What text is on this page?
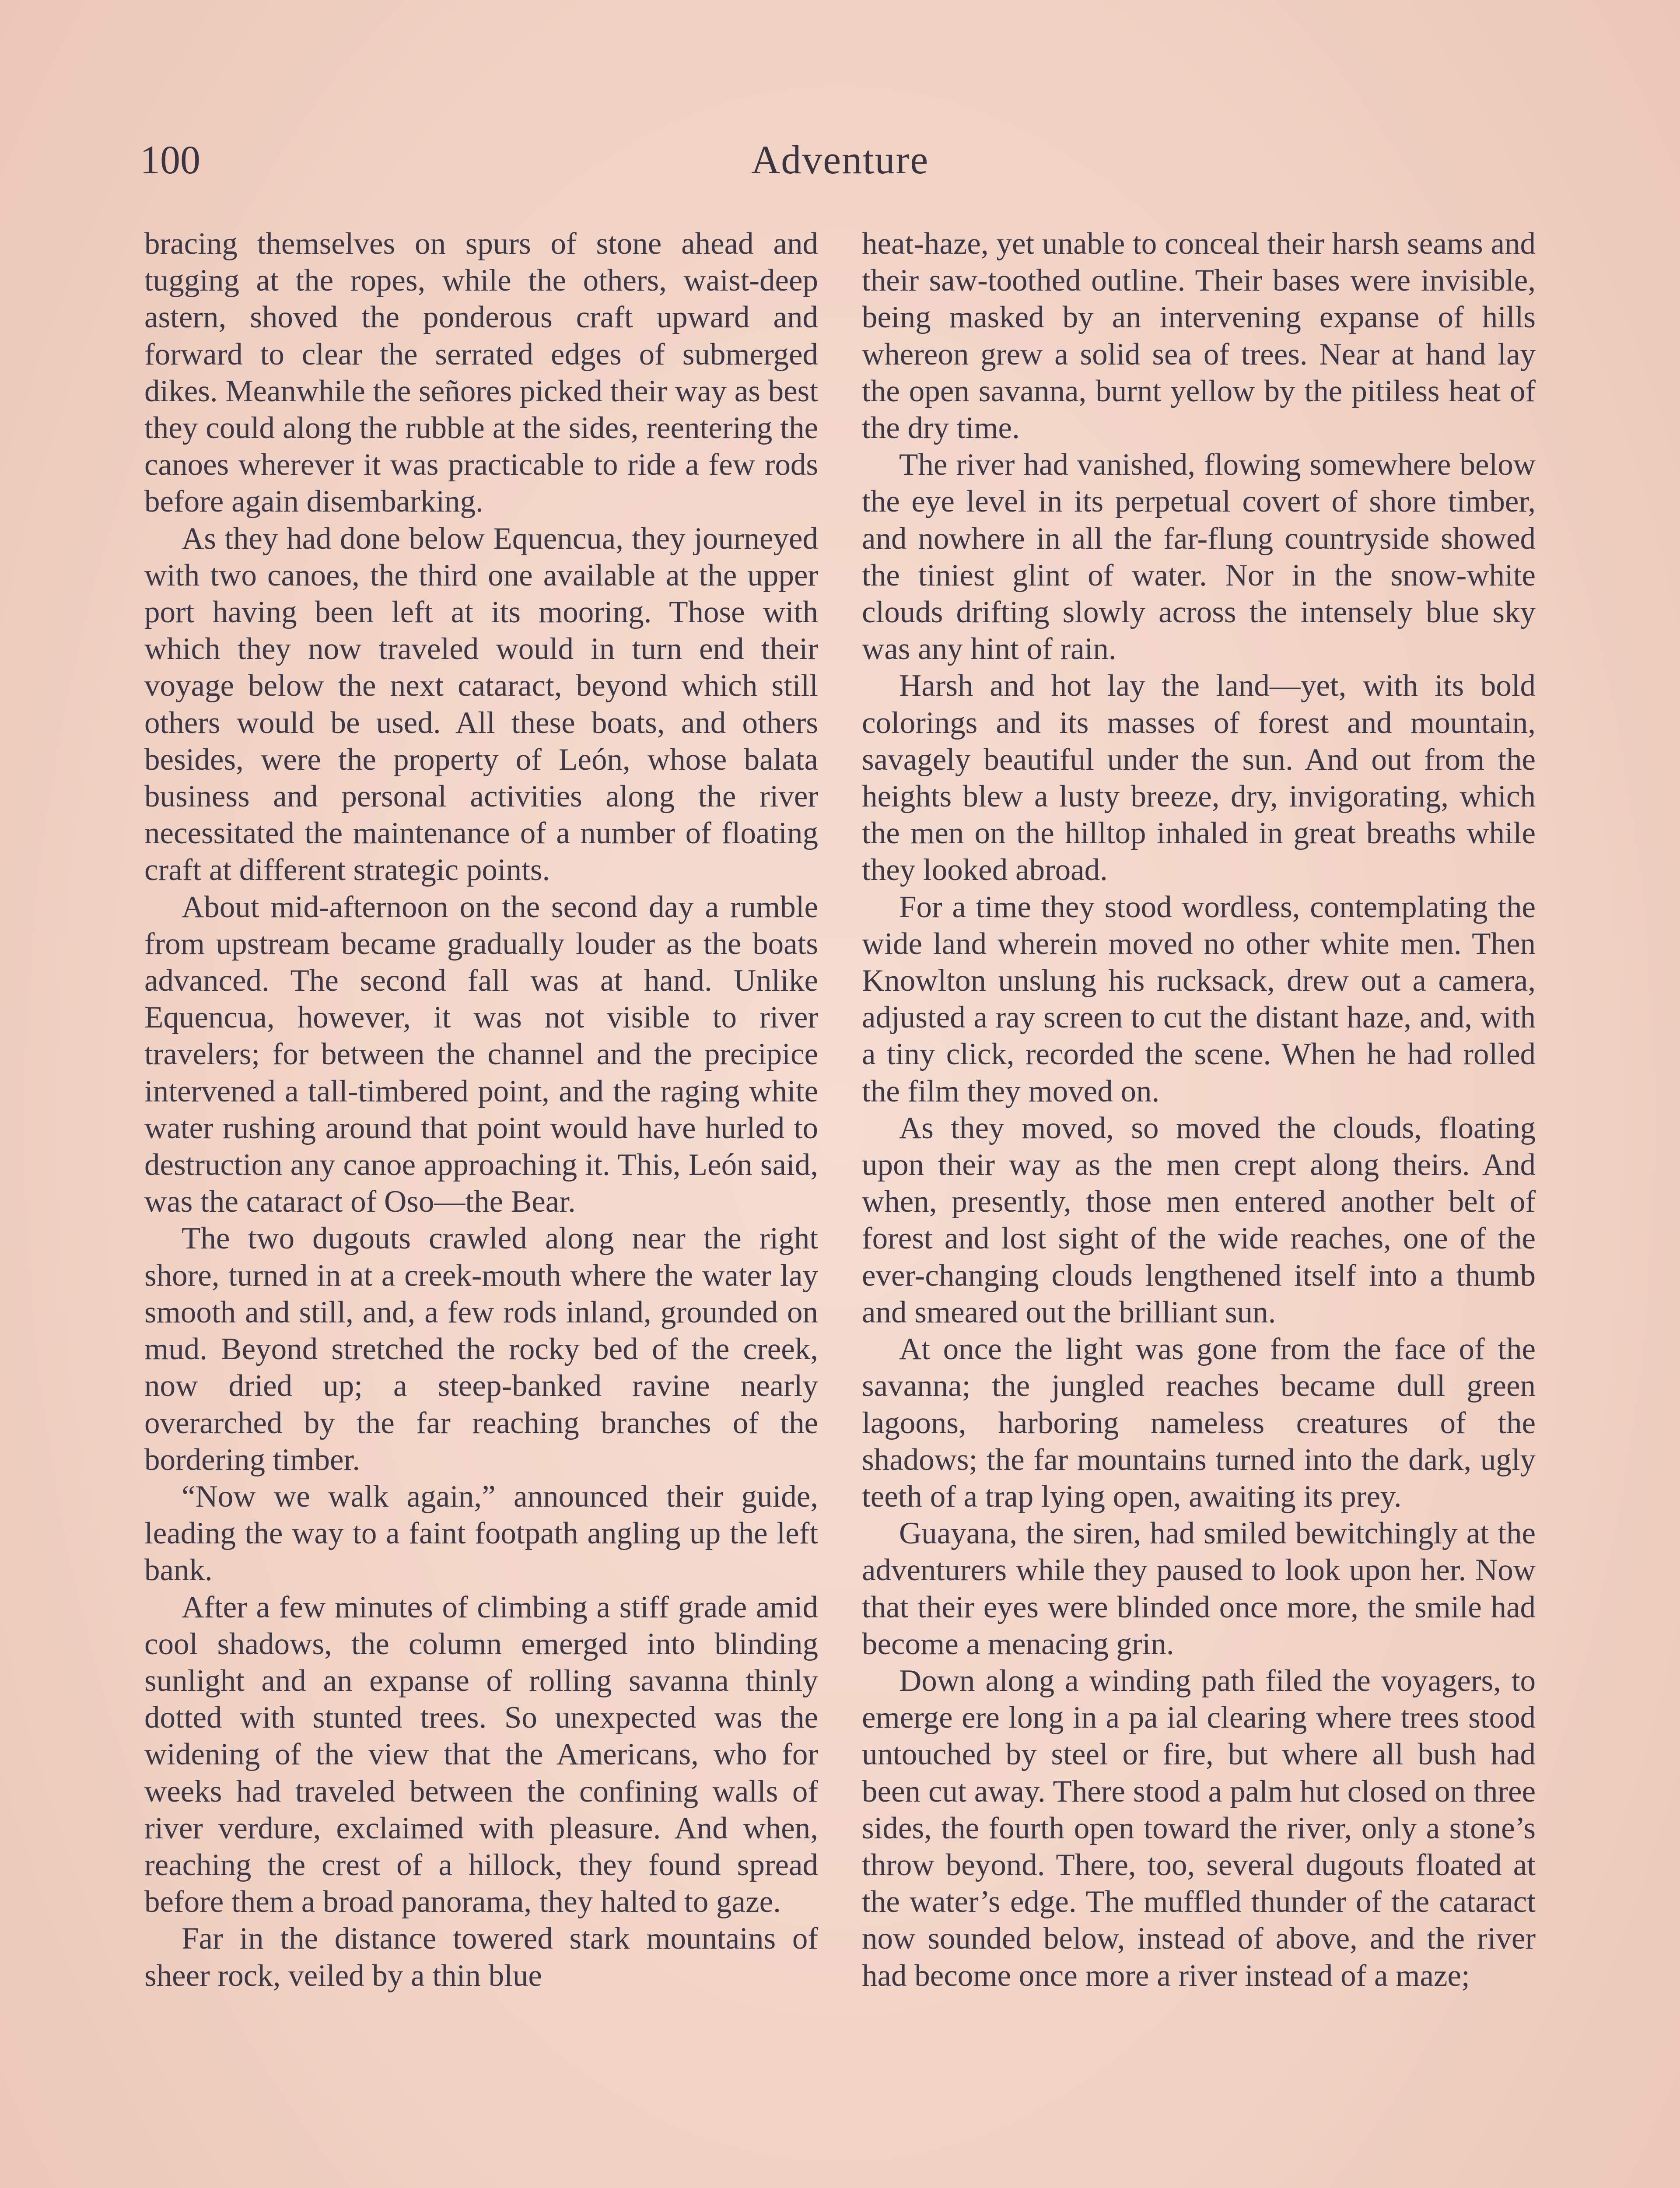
100	Adventure

bracing themselves on spurs of stone ahead and tugging at the ropes, while the others, waist-deep astern, shoved the ponderous craft upward and forward to clear the serrated edges of submerged dikes. Meanwhile the señores picked their way as best they could along the rubble at the sides, reentering the canoes wherever it was practicable to ride a few rods before again disembarking.

As they had done below Equencua, they journeyed with two canoes, the third one available at the upper port having been left at its mooring. Those with which they now traveled would in turn end their voyage below the next cataract, beyond which still others would be used. All these boats, and others besides, were the property of León, whose balata business and personal activities along the river necessitated the maintenance of a number of floating craft at different strategic points.

About mid-afternoon on the second day a rumble from upstream became gradually louder as the boats advanced. The second fall was at hand. Unlike Equencua, however, it was not visible to river travelers; for between the channel and the precipice intervened a tall-timbered point, and the raging white water rushing around that point would have hurled to destruction any canoe approaching it. This, León said, was the cataract of Oso—the Bear.

The two dugouts crawled along near the right shore, turned in at a creek-mouth where the water lay smooth and still, and, a few rods inland, grounded on mud. Beyond stretched the rocky bed of the creek, now dried up; a steep-banked ravine nearly overarched by the far reaching branches of the bordering timber.

“Now we walk again,” announced their guide, leading the way to a faint footpath angling up the left bank.

After a few minutes of climbing a stiff grade amid cool shadows, the column emerged into blinding sunlight and an expanse of rolling savanna thinly dotted with stunted trees. So unexpected was the widening of the view that the Americans, who for weeks had traveled between the confining walls of river verdure, exclaimed with pleasure. And when, reaching the crest of a hillock, they found spread before them a broad panorama, they halted to gaze.

Far in the distance towered stark mountains of sheer rock, veiled by a thin blue

heat-haze, yet unable to conceal their harsh seams and their saw-toothed outline. Their bases were invisible, being masked by an intervening expanse of hills whereon grew a solid sea of trees. Near at hand lay the open savanna, burnt yellow by the pitiless heat of the dry time.

The river had vanished, flowing somewhere below the eye level in its perpetual covert of shore timber, and nowhere in all the far-flung countryside showed the tiniest glint of water. Nor in the snow-white clouds drifting slowly across the intensely blue sky was any hint of rain.

Harsh and hot lay the land—yet, with its bold colorings and its masses of forest and mountain, savagely beautiful under the sun. And out from the heights blew a lusty breeze, dry, invigorating, which the men on the hilltop inhaled in great breaths while they looked abroad.

For a time they stood wordless, contemplating the wide land wherein moved no other white men. Then Knowlton unslung his rucksack, drew out a camera, adjusted a ray screen to cut the distant haze, and, with a tiny click, recorded the scene. When he had rolled the film they moved on.

As they moved, so moved the clouds, floating upon their way as the men crept along theirs. And when, presently, those men entered another belt of forest and lost sight of the wide reaches, one of the ever-changing clouds lengthened itself into a thumb and smeared out the brilliant sun.

At once the light was gone from the face of the savanna; the jungled reaches became dull green lagoons, harboring nameless creatures of the shadows; the far mountains turned into the dark, ugly teeth of a trap lying open, awaiting its prey.

Guayana, the siren, had smiled bewitchingly at the adventurers while they paused to look upon her. Now that their eyes were blinded once more, the smile had become a menacing grin.

Down along a winding path filed the voyagers, to emerge ere long in a pa ial clearing where trees stood untouched by steel or fire, but where all bush had been cut away. There stood a palm hut closed on three sides, the fourth open toward the river, only a stone’s throw beyond. There, too, several dugouts floated at the water’s edge. The muffled thunder of the cataract now sounded below, instead of above, and the river had become once more a river instead of a maze;
